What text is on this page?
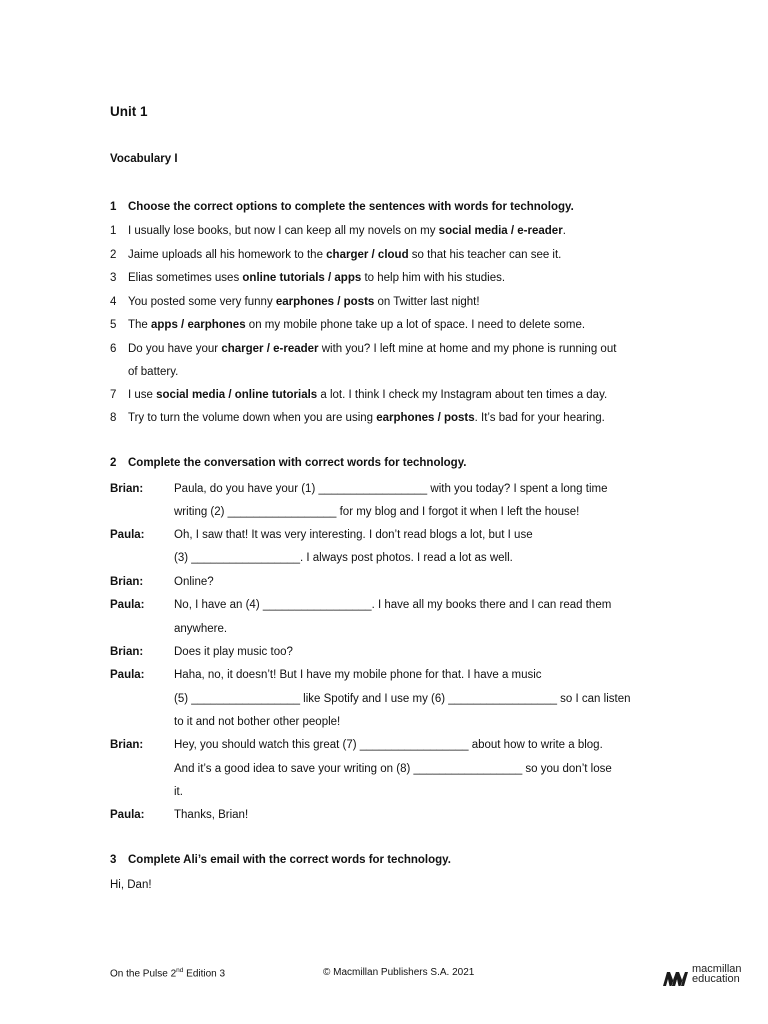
Unit 1
Vocabulary I
1 Choose the correct options to complete the sentences with words for technology.
1 I usually lose books, but now I can keep all my novels on my social media / e-reader.
2 Jaime uploads all his homework to the charger / cloud so that his teacher can see it.
3 Elias sometimes uses online tutorials / apps to help him with his studies.
4 You posted some very funny earphones / posts on Twitter last night!
5 The apps / earphones on my mobile phone take up a lot of space. I need to delete some.
6 Do you have your charger / e-reader with you? I left mine at home and my phone is running out
of battery.
7 I use social media / online tutorials a lot. I think I check my Instagram about ten times a day.
8 Try to turn the volume down when you are using earphones / posts. It’s bad for your hearing.
2 Complete the conversation with correct words for technology.
Brian:	Paula, do you have your (1) _________________ with you today? I spent a long time
writing (2) _________________ for my blog and I forgot it when I left the house!
Paula:	Oh, I saw that! It was very interesting. I don’t read blogs a lot, but I use
(3) _________________. I always post photos. I read a lot as well.
Brian:	Online?
Paula:	No, I have an (4) _________________. I have all my books there and I can read them
anywhere.
Brian:	Does it play music too?
Paula:	Haha, no, it doesn’t! But I have my mobile phone for that. I have a music
(5) _________________ like Spotify and I use my (6) _________________ so I can listen
to it and not bother other people!
Brian:	Hey, you should watch this great (7) _________________ about how to write a blog.
And it’s a good idea to save your writing on (8) _________________ so you don’t lose
it.
Paula:	Thanks, Brian!
3 Complete Ali’s email with the correct words for technology.
Hi, Dan!
On the Pulse 2nd Edition 3	© Macmillan Publishers S.A. 2021	macmillan
education
